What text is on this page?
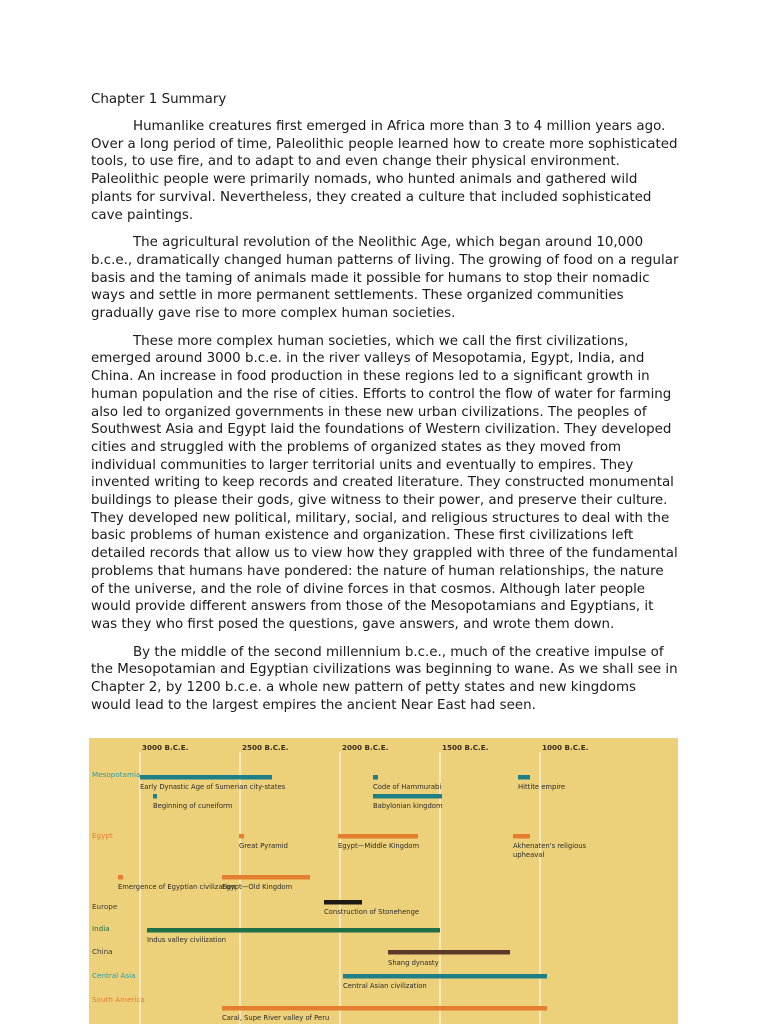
Chapter 1 Summary

Humanlike creatures first emerged in Africa more than 3 to 4 million years ago. Over a long period of time, Paleolithic people learned how to create more sophisticated tools, to use fire, and to adapt to and even change their physical environment. Paleolithic people were primarily nomads, who hunted animals and gathered wild plants for survival. Nevertheless, they created a culture that included sophisticated cave paintings.

The agricultural revolution of the Neolithic Age, which began around 10,000 b.c.e., dramatically changed human patterns of living. The growing of food on a regular basis and the taming of animals made it possible for humans to stop their nomadic ways and settle in more permanent settlements. These organized communities gradually gave rise to more complex human societies.

These more complex human societies, which we call the first civilizations, emerged around 3000 b.c.e. in the river valleys of Mesopotamia, Egypt, India, and China. An increase in food production in these regions led to a significant growth in human population and the rise of cities. Efforts to control the flow of water for farming also led to organized governments in these new urban civilizations. The peoples of Southwest Asia and Egypt laid the foundations of Western civilization. They developed cities and struggled with the problems of organized states as they moved from individual communities to larger territorial units and eventually to empires. They invented writing to keep records and created literature. They constructed monumental buildings to please their gods, give witness to their power, and preserve their culture. They developed new political, military, social, and religious structures to deal with the basic problems of human existence and organization. These first civilizations left detailed records that allow us to view how they grappled with three of the fundamental problems that humans have pondered: the nature of human relationships, the nature of the universe, and the role of divine forces in that cosmos. Although later people would provide different answers from those of the Mesopotamians and Egyptians, it was they who first posed the questions, gave answers, and wrote them down.

By the middle of the second millennium b.c.e., much of the creative impulse of the Mesopotamian and Egyptian civilizations was beginning to wane. As we shall see in Chapter 2, by 1200 b.c.e. a whole new pattern of petty states and new kingdoms would lead to the largest empires the ancient Near East had seen.

3000 B.C.E.	2500 B.C.E.	2000 B.C.E.	1500 B.C.E.	1000 B.C.E.
Mesopotamia
Early Dynastic Age of Sumerian city-states
Beginning of cuneiform
Code of Hammurabi
Babylonian kingdom
Hittite empire
Egypt
Great Pyramid	Egypt—Middle Kingdom	Akhenaten's religious upheaval
Emergence of Egyptian civilization
Egypt—Old Kingdom
Europe
Construction of Stonehenge
India
Indus valley civilization
China
Shang dynasty
Central Asia
Central Asian civilization
South America
Caral, Supe River valley of Peru
